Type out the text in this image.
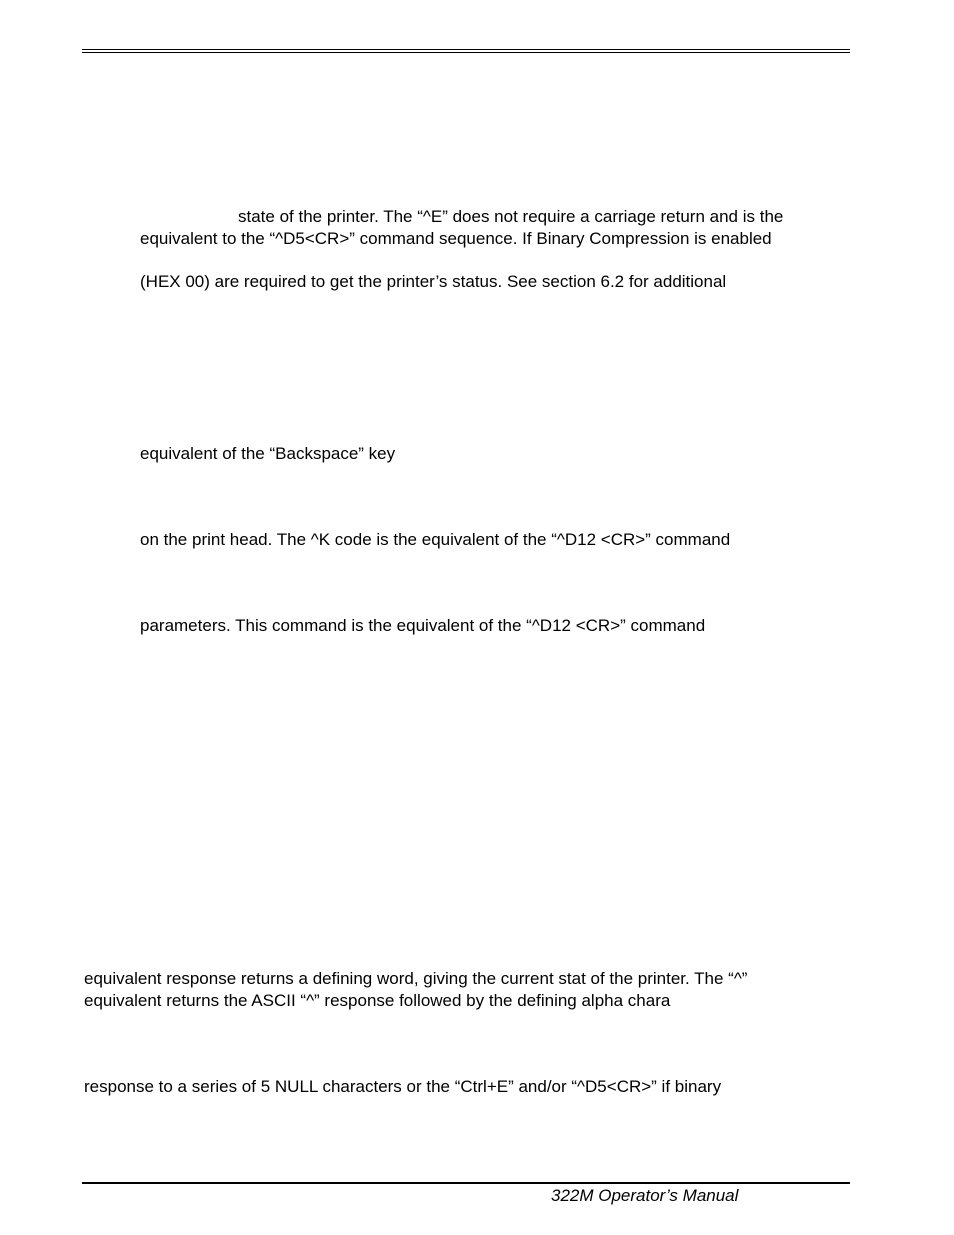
state of the printer. The “^E” does not require a carriage return and is the
equivalent to the “^D5<CR>” command sequence. If Binary Compression is enabled
(HEX 00) are required to get the printer’s status. See section 6.2 for additional
equivalent of the “Backspace” key
on the print head. The ^K code is the equivalent of the “^D12 <CR>” command
parameters. This command is the equivalent of the “^D12 <CR>” command
equivalent response returns a defining word, giving the current stat of the printer. The “^”
equivalent returns the ASCII “^” response followed by the defining alpha chara
response to a series of 5 NULL characters or the “Ctrl+E” and/or “^D5<CR>” if binary
322M Operator’s Manual
